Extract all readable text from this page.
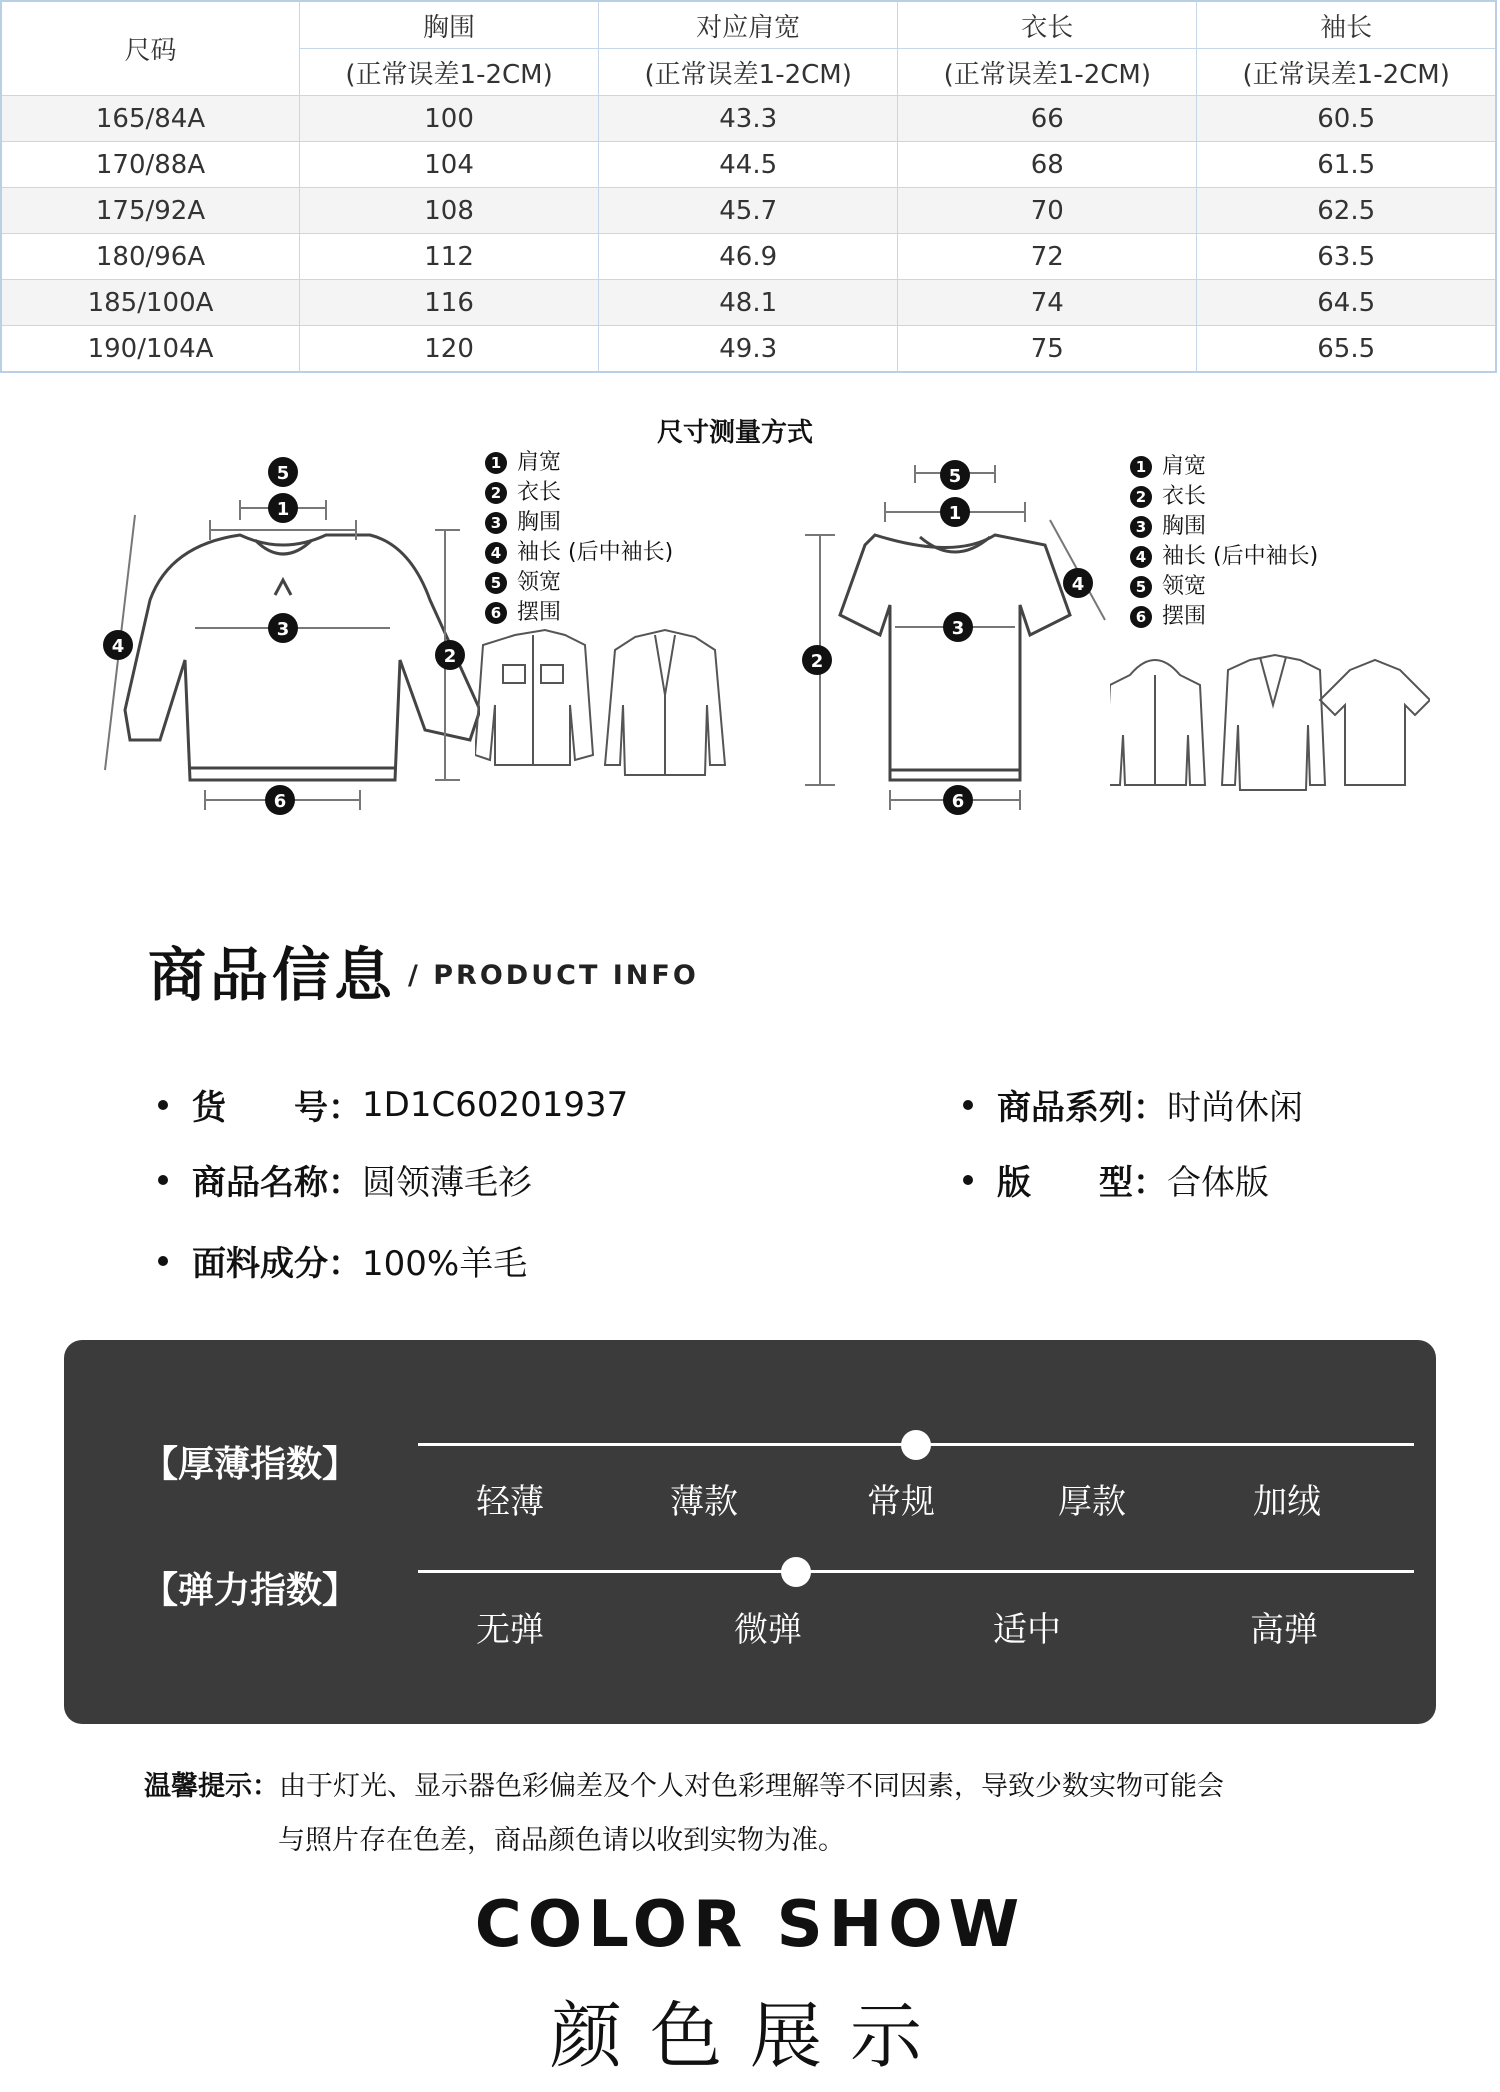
尺码	胸围	对应肩宽	衣长	袖长
	(正常误差1-2CM)	(正常误差1-2CM)	(正常误差1-2CM)	(正常误差1-2CM)
165/84A	100	43.3	66	60.5
170/88A	104	44.5	68	61.5
175/92A	108	45.7	70	62.5
180/96A	112	46.9	72	63.5
185/100A	116	48.1	74	64.5
190/104A	120	49.3	75	65.5
尺寸测量方式
5
1
3
2
4
6
1 肩宽
2 衣长
3 胸围
4 袖长 (后中袖长)
5 领宽
6 摆围
5
1
3
2
4
6
1 肩宽
2 衣长
3 胸围
4 袖长 (后中袖长)
5 领宽
6 摆围
商品信息 / PRODUCT INFO
货　　号： 1D1C60201937	商品系列： 时尚休闲
商品名称： 圆领薄毛衫	版　　型： 合体版
面料成分： 100%羊毛
【厚薄指数】
轻薄	薄款	常规	厚款	加绒
【弹力指数】
无弹	微弹	适中	高弹
温馨提示：由于灯光、显示器色彩偏差及个人对色彩理解等不同因素，导致少数实物可能会
与照片存在色差，商品颜色请以收到实物为准。
COLOR SHOW
颜色展示
